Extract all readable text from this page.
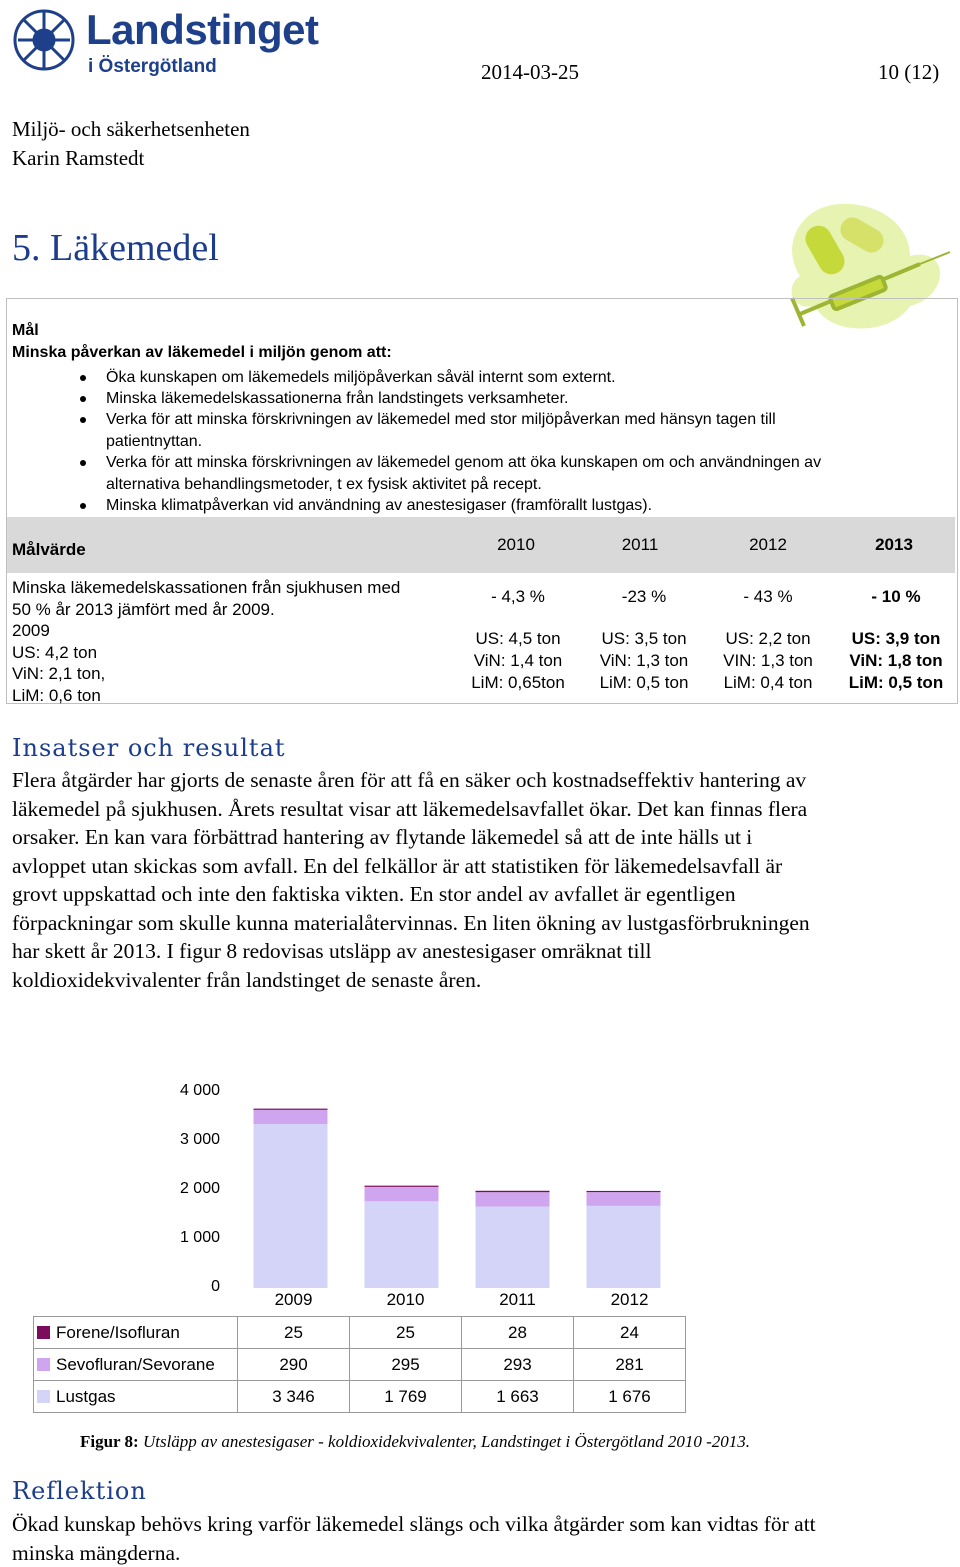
Landstinget
i Östergötland	2014-03-25	10 (12)
Miljö- och säkerhetsenheten
Karin Ramstedt
5. Läkemedel
Mål
Minska påverkan av läkemedel i miljön genom att:
Öka kunskapen om läkemedels miljöpåverkan såväl internt som externt.
Minska läkemedelskassationerna från landstingets verksamheter.
Verka för att minska förskrivningen av läkemedel med stor miljöpåverkan med hänsyn tagen till
patientnyttan.
Verka för att minska förskrivningen av läkemedel genom att öka kunskapen om och användningen av
alternativa behandlingsmetoder, t ex fysisk aktivitet på recept.
Minska klimatpåverkan vid användning av anestesigaser (framförallt lustgas).
Målvärde	2010	2011	2012	2013
Minska läkemedelskassationen från sjukhusen med
50 % år 2013 jämfört med år 2009.
2009
US: 4,2 ton
ViN: 2,1 ton,
LiM: 0,6 ton
- 4,3 %	-23 %	- 43 %	- 10 %
US: 4,5 ton	US: 3,5 ton	US: 2,2 ton	US: 3,9 ton
ViN: 1,4 ton	ViN: 1,3 ton	VIN: 1,3 ton	ViN: 1,8 ton
LiM: 0,65ton	LiM: 0,5 ton	LiM: 0,4 ton	LiM: 0,5 ton
Insatser och resultat
Flera åtgärder har gjorts de senaste åren för att få en säker och kostnadseffektiv hantering av
läkemedel på sjukhusen. Årets resultat visar att läkemedelsavfallet ökar. Det kan finnas flera
orsaker. En kan vara förbättrad hantering av flytande läkemedel så att de inte hälls ut i
avloppet utan skickas som avfall. En del felkällor är att statistiken för läkemedelsavfall är
grovt uppskattad och inte den faktiska vikten. En stor andel av avfallet är egentligen
förpackningar som skulle kunna materialåtervinnas. En liten ökning av lustgasförbrukningen
har skett år 2013. I figur 8 redovisas utsläpp av anestesigaser omräknat till
koldioxidekvivalenter från landstinget de senaste åren.
0
1 000
2 000
3 000
4 000
	2009	2010	2011	2012
Forene/Isofluran	25	25	28	24
Sevofluran/Sevorane	290	295	293	281
Lustgas	3 346	1 769	1 663	1 676
Figur 8: Utsläpp av anestesigaser - koldioxidekvivalenter, Landstinget i Östergötland 2010 -2013.
Reflektion
Ökad kunskap behövs kring varför läkemedel slängs och vilka åtgärder som kan vidtas för att
minska mängderna.
